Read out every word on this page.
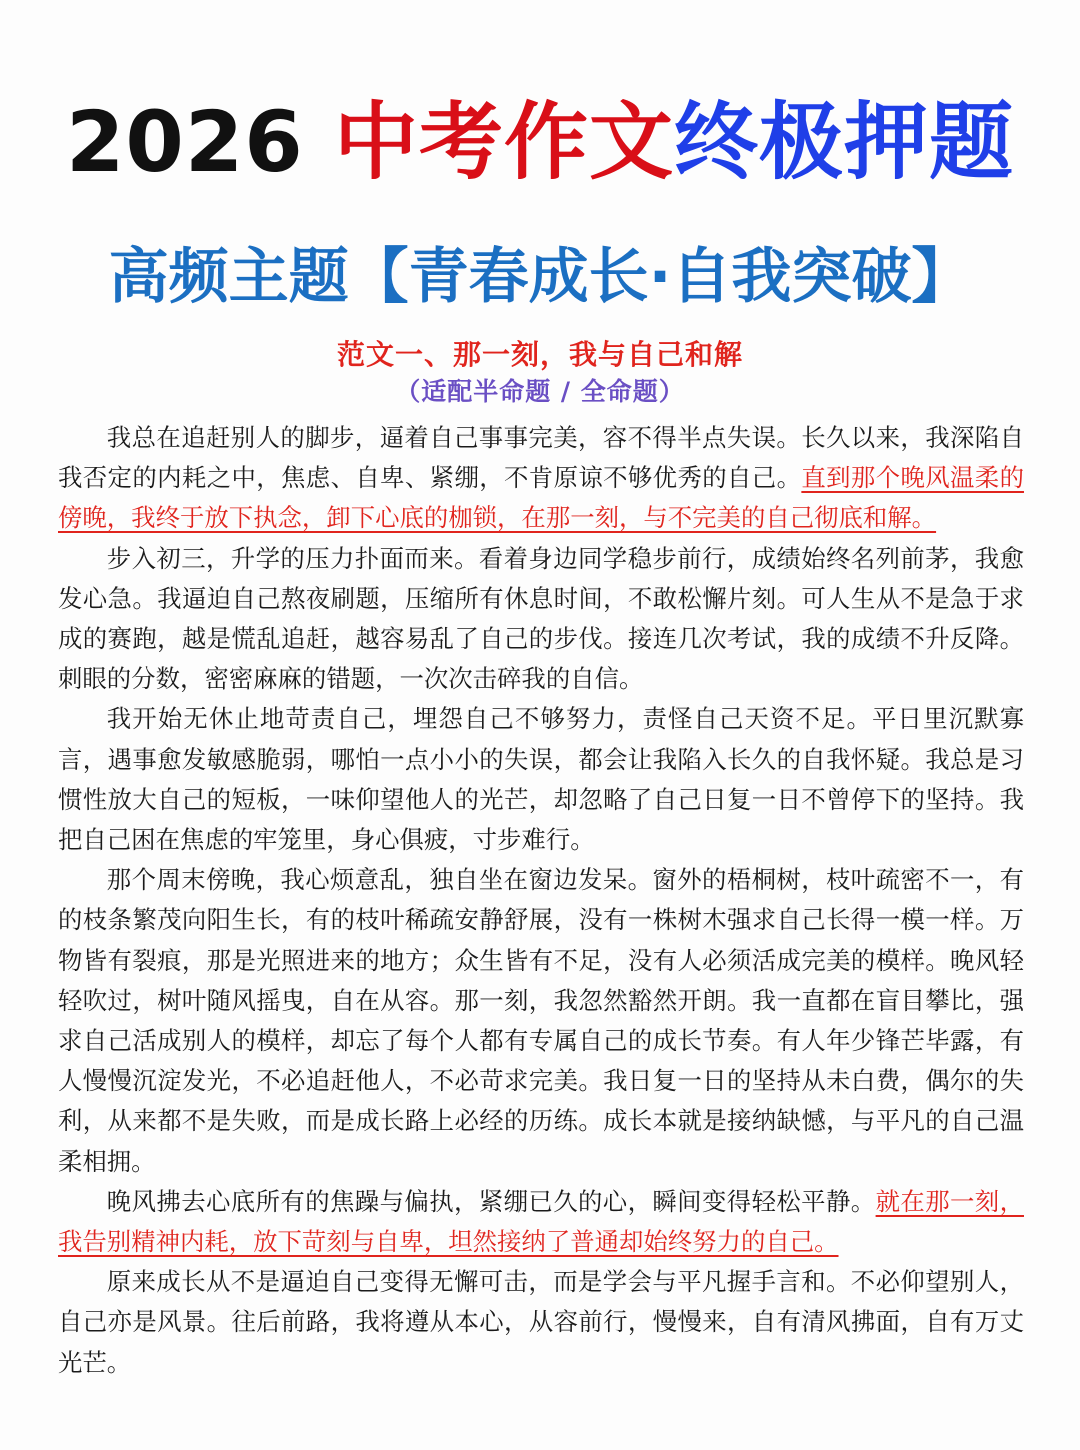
2026 中考作文终极押题
高频主题【青春成长·自我突破】
范文一、那一刻，我与自己和解
（适配半命题 / 全命题）

我总在追赶别人的脚步，逼着自己事事完美，容不得半点失误。长久以来，我深陷自我否定的内耗之中，焦虑、自卑、紧绷，不肯原谅不够优秀的自己。直到那个晚风温柔的傍晚，我终于放下执念，卸下心底的枷锁，在那一刻，与不完美的自己彻底和解。

步入初三，升学的压力扑面而来。看着身边同学稳步前行，成绩始终名列前茅，我愈发心急。我逼迫自己熬夜刷题，压缩所有休息时间，不敢松懈片刻。可人生从不是急于求成的赛跑，越是慌乱追赶，越容易乱了自己的步伐。接连几次考试，我的成绩不升反降。刺眼的分数，密密麻麻的错题，一次次击碎我的自信。

我开始无休止地苛责自己，埋怨自己不够努力，责怪自己天资不足。平日里沉默寡言，遇事愈发敏感脆弱，哪怕一点小小的失误，都会让我陷入长久的自我怀疑。我总是习惯性放大自己的短板，一味仰望他人的光芒，却忽略了自己日复一日不曾停下的坚持。我把自己困在焦虑的牢笼里，身心俱疲，寸步难行。

那个周末傍晚，我心烦意乱，独自坐在窗边发呆。窗外的梧桐树，枝叶疏密不一，有的枝条繁茂向阳生长，有的枝叶稀疏安静舒展，没有一株树木强求自己长得一模一样。万物皆有裂痕，那是光照进来的地方；众生皆有不足，没有人必须活成完美的模样。晚风轻轻吹过，树叶随风摇曳，自在从容。那一刻，我忽然豁然开朗。我一直都在盲目攀比，强求自己活成别人的模样，却忘了每个人都有专属自己的成长节奏。有人年少锋芒毕露，有人慢慢沉淀发光，不必追赶他人，不必苛求完美。我日复一日的坚持从未白费，偶尔的失利，从来都不是失败，而是成长路上必经的历练。成长本就是接纳缺憾，与平凡的自己温柔相拥。

晚风拂去心底所有的焦躁与偏执，紧绷已久的心，瞬间变得轻松平静。就在那一刻，我告别精神内耗，放下苛刻与自卑，坦然接纳了普通却始终努力的自己。

原来成长从不是逼迫自己变得无懈可击，而是学会与平凡握手言和。不必仰望别人，自己亦是风景。往后前路，我将遵从本心，从容前行，慢慢来，自有清风拂面，自有万丈光芒。
